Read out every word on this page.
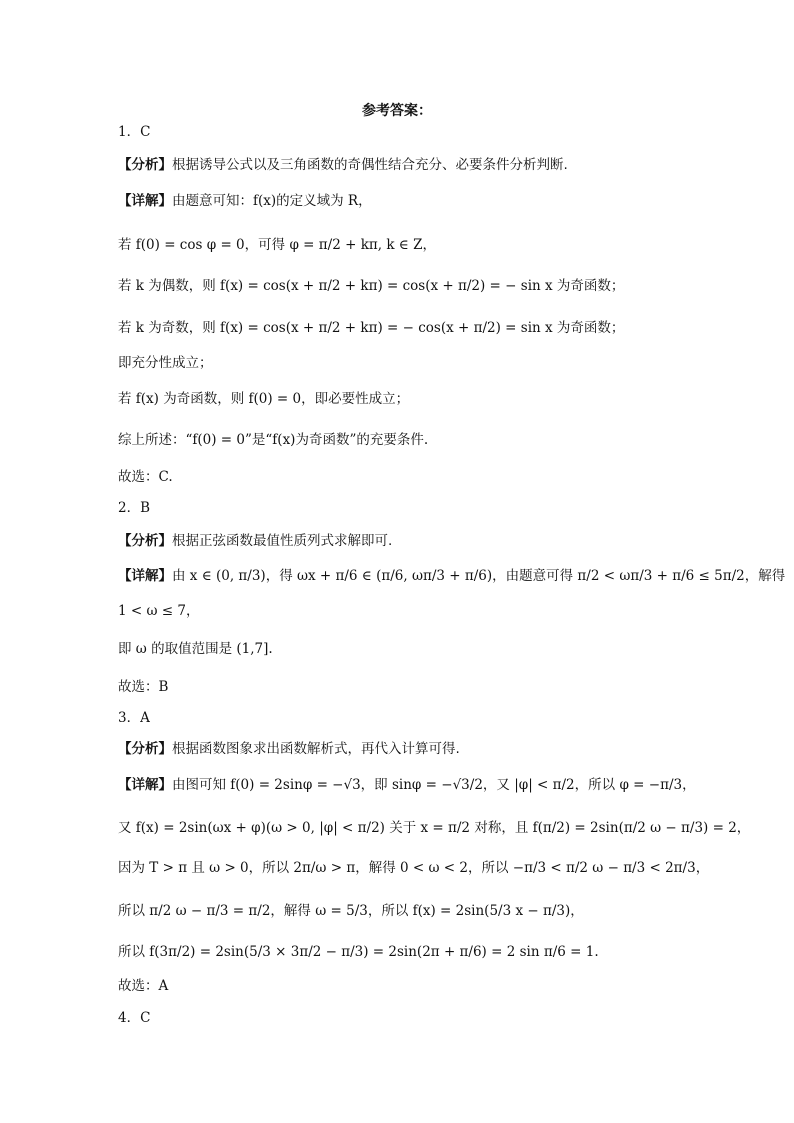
参考答案：
1．C
【分析】根据诱导公式以及三角函数的奇偶性结合充分、必要条件分析判断.
【详解】由题意可知：f(x)的定义域为 R，
若 f(0) = cos φ = 0，可得 φ = π/2 + kπ, k ∈ Z，
若 k 为偶数，则 f(x) = cos(x + π/2 + kπ) = cos(x + π/2) = − sin x 为奇函数；
若 k 为奇数，则 f(x) = cos(x + π/2 + kπ) = − cos(x + π/2) = sin x 为奇函数；
即充分性成立；
若 f(x) 为奇函数，则 f(0) = 0，即必要性成立；
综上所述：“f(0) = 0”是“f(x)为奇函数”的充要条件.
故选：C.
2．B
【分析】根据正弦函数最值性质列式求解即可.
【详解】由 x ∈ (0, π/3)，得 ωx + π/6 ∈ (π/6, ωπ/3 + π/6)，由题意可得 π/2 < ωπ/3 + π/6 ≤ 5π/2，解得
1 < ω ≤ 7，
即 ω 的取值范围是 (1,7].
故选：B
3．A
【分析】根据函数图象求出函数解析式，再代入计算可得.
【详解】由图可知 f(0) = 2sinφ = −√3，即 sinφ = −√3/2，又 |φ| < π/2，所以 φ = −π/3，
又 f(x) = 2sin(ωx + φ)(ω > 0, |φ| < π/2) 关于 x = π/2 对称，且 f(π/2) = 2sin(π/2 ω − π/3) = 2，
因为 T > π 且 ω > 0，所以 2π/ω > π，解得 0 < ω < 2，所以 −π/3 < π/2 ω − π/3 < 2π/3，
所以 π/2 ω − π/3 = π/2，解得 ω = 5/3，所以 f(x) = 2sin(5/3 x − π/3)，
所以 f(3π/2) = 2sin(5/3 × 3π/2 − π/3) = 2sin(2π + π/6) = 2 sin π/6 = 1.
故选：A
4．C
